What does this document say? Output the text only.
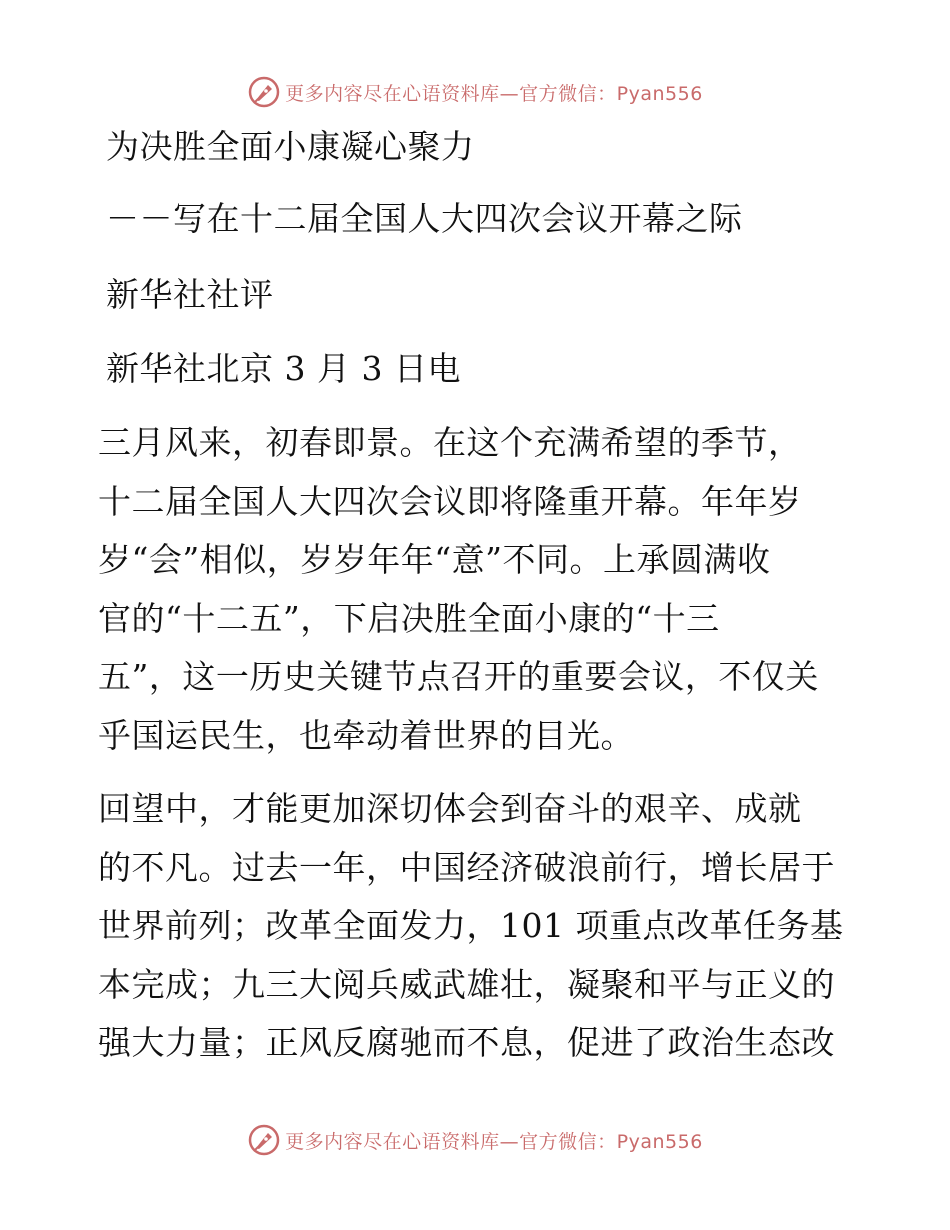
更多内容尽在心语资料库—官方微信：Pyan556
为决胜全面小康凝心聚力
－－写在十二届全国人大四次会议开幕之际
新华社社评
新华社北京 3 月 3 日电
三月风来，初春即景。在这个充满希望的季节，
十二届全国人大四次会议即将隆重开幕。年年岁
岁“会”相似，岁岁年年“意”不同。上承圆满收
官的“十二五”，下启决胜全面小康的“十三
五”，这一历史关键节点召开的重要会议，不仅关
乎国运民生，也牵动着世界的目光。
回望中，才能更加深切体会到奋斗的艰辛、成就
的不凡。过去一年，中国经济破浪前行，增长居于
世界前列；改革全面发力，101 项重点改革任务基
本完成；九三大阅兵威武雄壮，凝聚和平与正义的
强大力量；正风反腐驰而不息，促进了政治生态改
更多内容尽在心语资料库—官方微信：Pyan556
